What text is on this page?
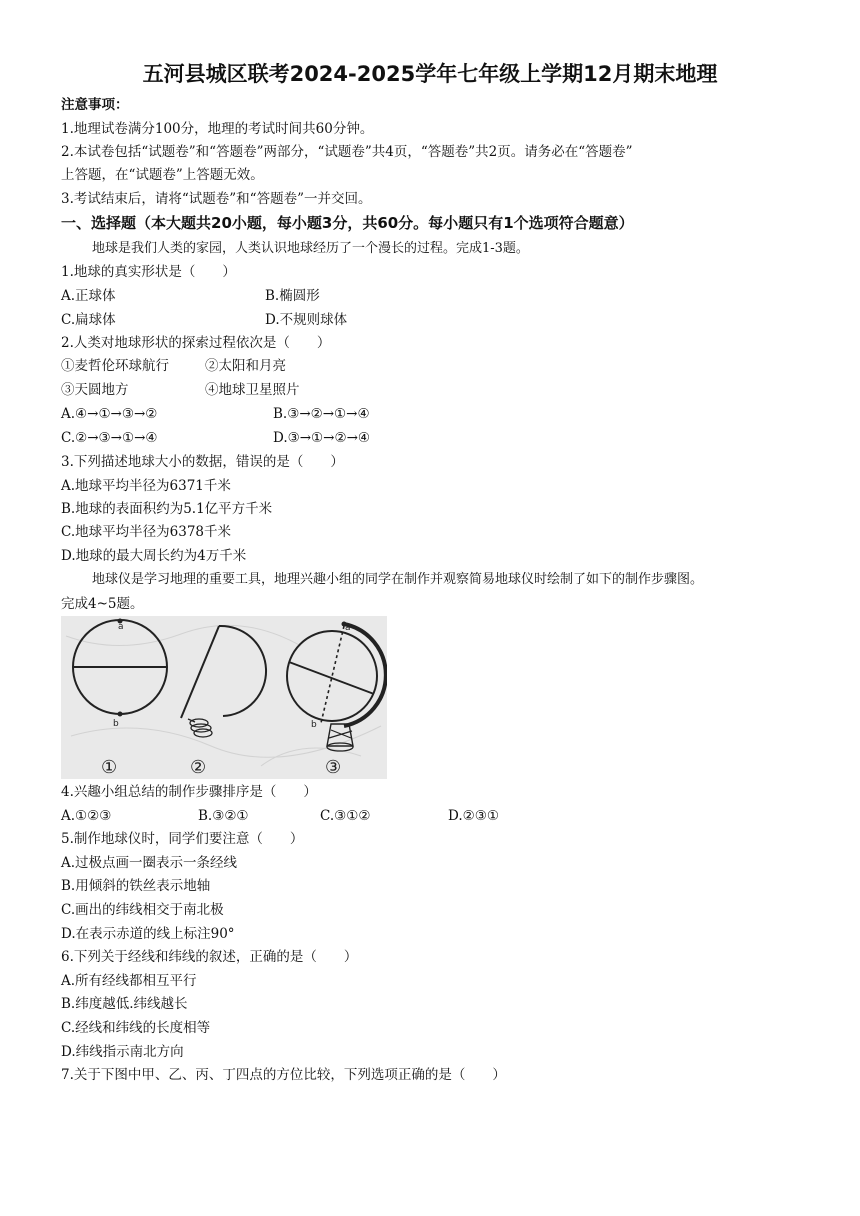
五河县城区联考2024-2025学年七年级上学期12月期末地理
注意事项：
1.地理试卷满分100分，地理的考试时间共60分钟。
2.本试卷包括“试题卷”和“答题卷”两部分，“试题卷”共4页，“答题卷”共2页。请务必在“答题卷”
上答题，在“试题卷”上答题无效。
3.考试结束后，请将“试题卷”和“答题卷”一并交回。
一、选择题（本大题共20小题，每小题3分，共60分。每小题只有1个选项符合题意）
地球是我们人类的家园，人类认识地球经历了一个漫长的过程。完成1-3题。
1.地球的真实形状是（　　）
A.正球体	B.椭圆形
C.扁球体	D.不规则球体
2.人类对地球形状的探索过程依次是（　　）
①麦哲伦环球航行	②太阳和月亮
③天圆地方	④地球卫星照片
A.④→①→③→②	B.③→②→①→④
C.②→③→①→④	D.③→①→②→④
3.下列描述地球大小的数据，错误的是（　　）
A.地球平均半径为6371千米
B.地球的表面积约为5.1亿平方千米
C.地球平均半径为6378千米
D.地球的最大周长约为4万千米
地球仪是学习地理的重要工具，地理兴趣小组的同学在制作并观察简易地球仪时绘制了如下的制作步骤图。
完成4~5题。
a
b
a
b
①	②	③
4.兴趣小组总结的制作步骤排序是（　　）
A.①②③	B.③②①	C.③①②	D.②③①
5.制作地球仪时，同学们要注意（　　）
A.过极点画一圈表示一条经线
B.用倾斜的铁丝表示地轴
C.画出的纬线相交于南北极
D.在表示赤道的线上标注90°
6.下列关于经线和纬线的叙述，正确的是（　　）
A.所有经线都相互平行
B.纬度越低.纬线越长
C.经线和纬线的长度相等
D.纬线指示南北方向
7.关于下图中甲、乙、丙、丁四点的方位比较，下列选项正确的是（　　）
